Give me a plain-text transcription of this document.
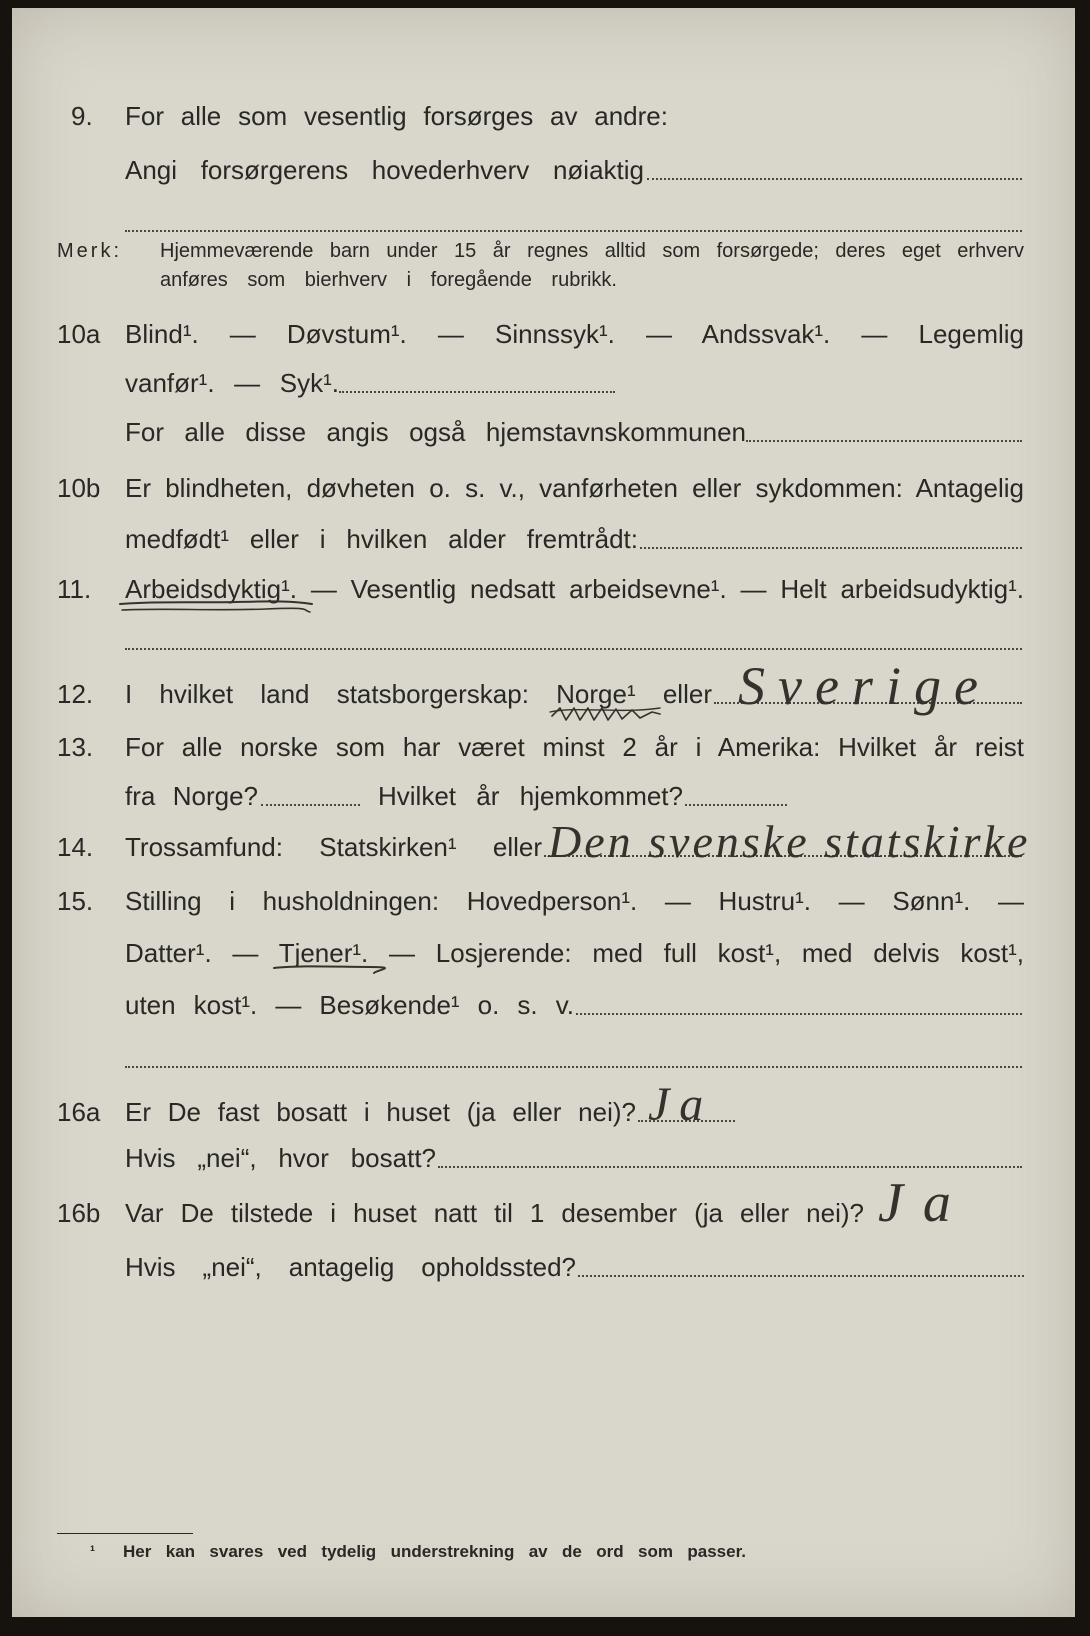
9. For alle som vesentlig forsørges av andre:
Angi forsørgerens hovederhverv nøiaktig
Merk: Hjemmeværende barn under 15 år regnes alltid som forsørgede; deres eget erhverv
anføres som bierhverv i foregående rubrikk.
10a Blind¹. — Døvstum¹. — Sinnssyk¹. — Andssvak¹. — Legemlig
vanfør¹. — Syk¹.
For alle disse angis også hjemstavnskommunen
10b Er blindheten, døvheten o. s. v., vanførheten eller sykdommen: Antagelig
medfødt¹ eller i hvilken alder fremtrådt:
11. Arbeidsdyktig¹. — Vesentlig nedsatt arbeidsevne¹. — Helt arbeidsudyktig¹.
12. I hvilket land statsborgerskap: Norge¹ eller Sverige
13. For alle norske som har været minst 2 år i Amerika: Hvilket år reist
fra Norge?	Hvilket år hjemkommet?
14. Trossamfund: Statskirken¹ eller Den svenske statskirke
15. Stilling i husholdningen: Hovedperson¹. — Hustru¹. — Sønn¹. —
Datter¹. — Tjener¹. — Losjerende: med full kost¹, med delvis kost¹,
uten kost¹. — Besøkende¹ o. s. v.
16a Er De fast bosatt i huset (ja eller nei)? Ja
Hvis „nei“, hvor bosatt?
16b Var De tilstede i huset natt til 1 desember (ja eller nei)? Ja
Hvis „nei“, antagelig opholdssted?
¹ Her kan svares ved tydelig understrekning av de ord som passer.
